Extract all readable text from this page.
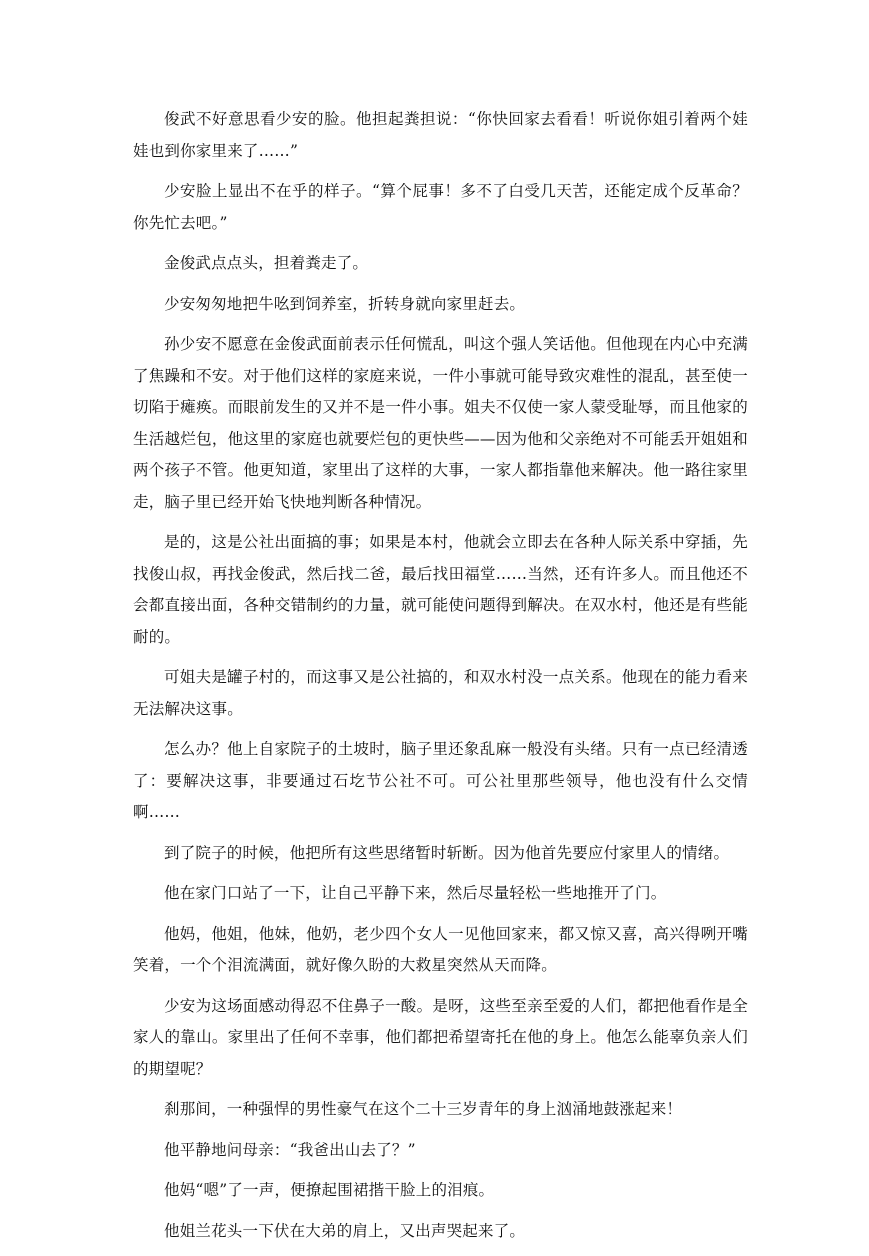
俊武不好意思看少安的脸。他担起粪担说：“你快回家去看看！听说你姐引着两个娃娃也到你家里来了……”

少安脸上显出不在乎的样子。“算个屁事！多不了白受几天苦，还能定成个反革命？你先忙去吧。”

金俊武点点头，担着粪走了。

少安匆匆地把牛吆到饲养室，折转身就向家里赶去。

孙少安不愿意在金俊武面前表示任何慌乱，叫这个强人笑话他。但他现在内心中充满了焦躁和不安。对于他们这样的家庭来说，一件小事就可能导致灾难性的混乱，甚至使一切陷于瘫痪。而眼前发生的又并不是一件小事。姐夫不仅使一家人蒙受耻辱，而且他家的生活越烂包，他这里的家庭也就要烂包的更快些——因为他和父亲绝对不可能丢开姐姐和两个孩子不管。他更知道，家里出了这样的大事，一家人都指靠他来解决。他一路往家里走，脑子里已经开始飞快地判断各种情况。

是的，这是公社出面搞的事；如果是本村，他就会立即去在各种人际关系中穿插，先找俊山叔，再找金俊武，然后找二爸，最后找田福堂……当然，还有许多人。而且他还不会都直接出面，各种交错制约的力量，就可能使问题得到解决。在双水村，他还是有些能耐的。

可姐夫是罐子村的，而这事又是公社搞的，和双水村没一点关系。他现在的能力看来无法解决这事。

怎么办？他上自家院子的土坡时，脑子里还象乱麻一般没有头绪。只有一点已经清透了：要解决这事，非要通过石圪节公社不可。可公社里那些领导，他也没有什么交情啊……

到了院子的时候，他把所有这些思绪暂时斩断。因为他首先要应付家里人的情绪。

他在家门口站了一下，让自己平静下来，然后尽量轻松一些地推开了门。

他妈，他姐，他妹，他奶，老少四个女人一见他回家来，都又惊又喜，高兴得咧开嘴笑着，一个个泪流满面，就好像久盼的大救星突然从天而降。

少安为这场面感动得忍不住鼻子一酸。是呀，这些至亲至爱的人们，都把他看作是全家人的靠山。家里出了任何不幸事，他们都把希望寄托在他的身上。他怎么能辜负亲人们的期望呢？

刹那间，一种强悍的男性豪气在这个二十三岁青年的身上汹涌地鼓涨起来！

他平静地问母亲：“我爸出山去了？”

他妈“嗯”了一声，便撩起围裙揩干脸上的泪痕。

他姐兰花头一下伏在大弟的肩上，又出声哭起来了。
